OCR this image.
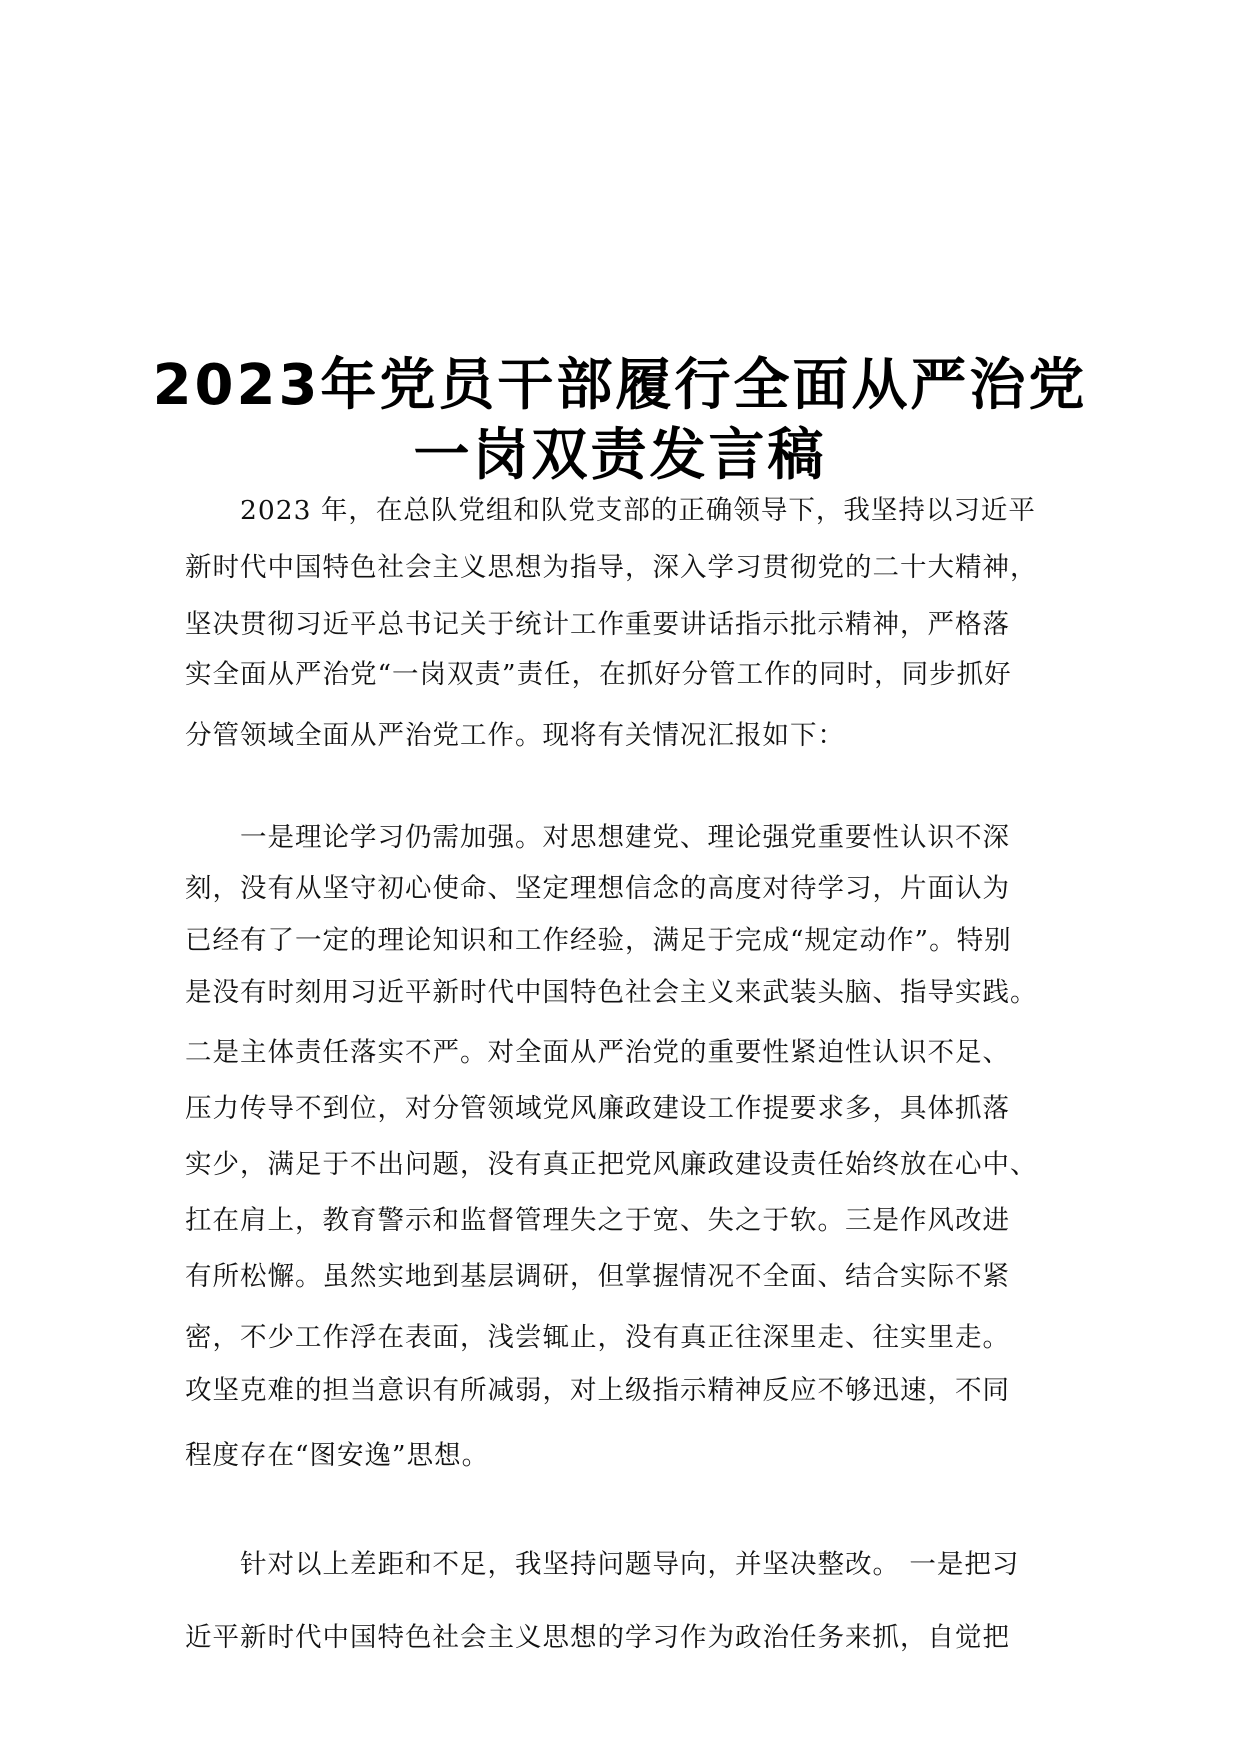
2023年党员干部履行全面从严治党
一岗双责发言稿
2023 年，在总队党组和队党支部的正确领导下，我坚持以习近平
新时代中国特色社会主义思想为指导，深入学习贯彻党的二十大精神，
坚决贯彻习近平总书记关于统计工作重要讲话指示批示精神，严格落
实全面从严治党“一岗双责”责任，在抓好分管工作的同时，同步抓好
分管领域全面从严治党工作。现将有关情况汇报如下：
一是理论学习仍需加强。对思想建党、理论强党重要性认识不深
刻，没有从坚守初心使命、坚定理想信念的高度对待学习，片面认为
已经有了一定的理论知识和工作经验，满足于完成“规定动作”。特别
是没有时刻用习近平新时代中国特色社会主义来武装头脑、指导实践。
二是主体责任落实不严。对全面从严治党的重要性紧迫性认识不足、
压力传导不到位，对分管领域党风廉政建设工作提要求多，具体抓落
实少，满足于不出问题，没有真正把党风廉政建设责任始终放在心中、
扛在肩上，教育警示和监督管理失之于宽、失之于软。三是作风改进
有所松懈。虽然实地到基层调研，但掌握情况不全面、结合实际不紧
密，不少工作浮在表面，浅尝辄止，没有真正往深里走、往实里走。
攻坚克难的担当意识有所减弱，对上级指示精神反应不够迅速，不同
程度存在“图安逸”思想。
针对以上差距和不足，我坚持问题导向，并坚决整改。 一是把习
近平新时代中国特色社会主义思想的学习作为政治任务来抓，自觉把
